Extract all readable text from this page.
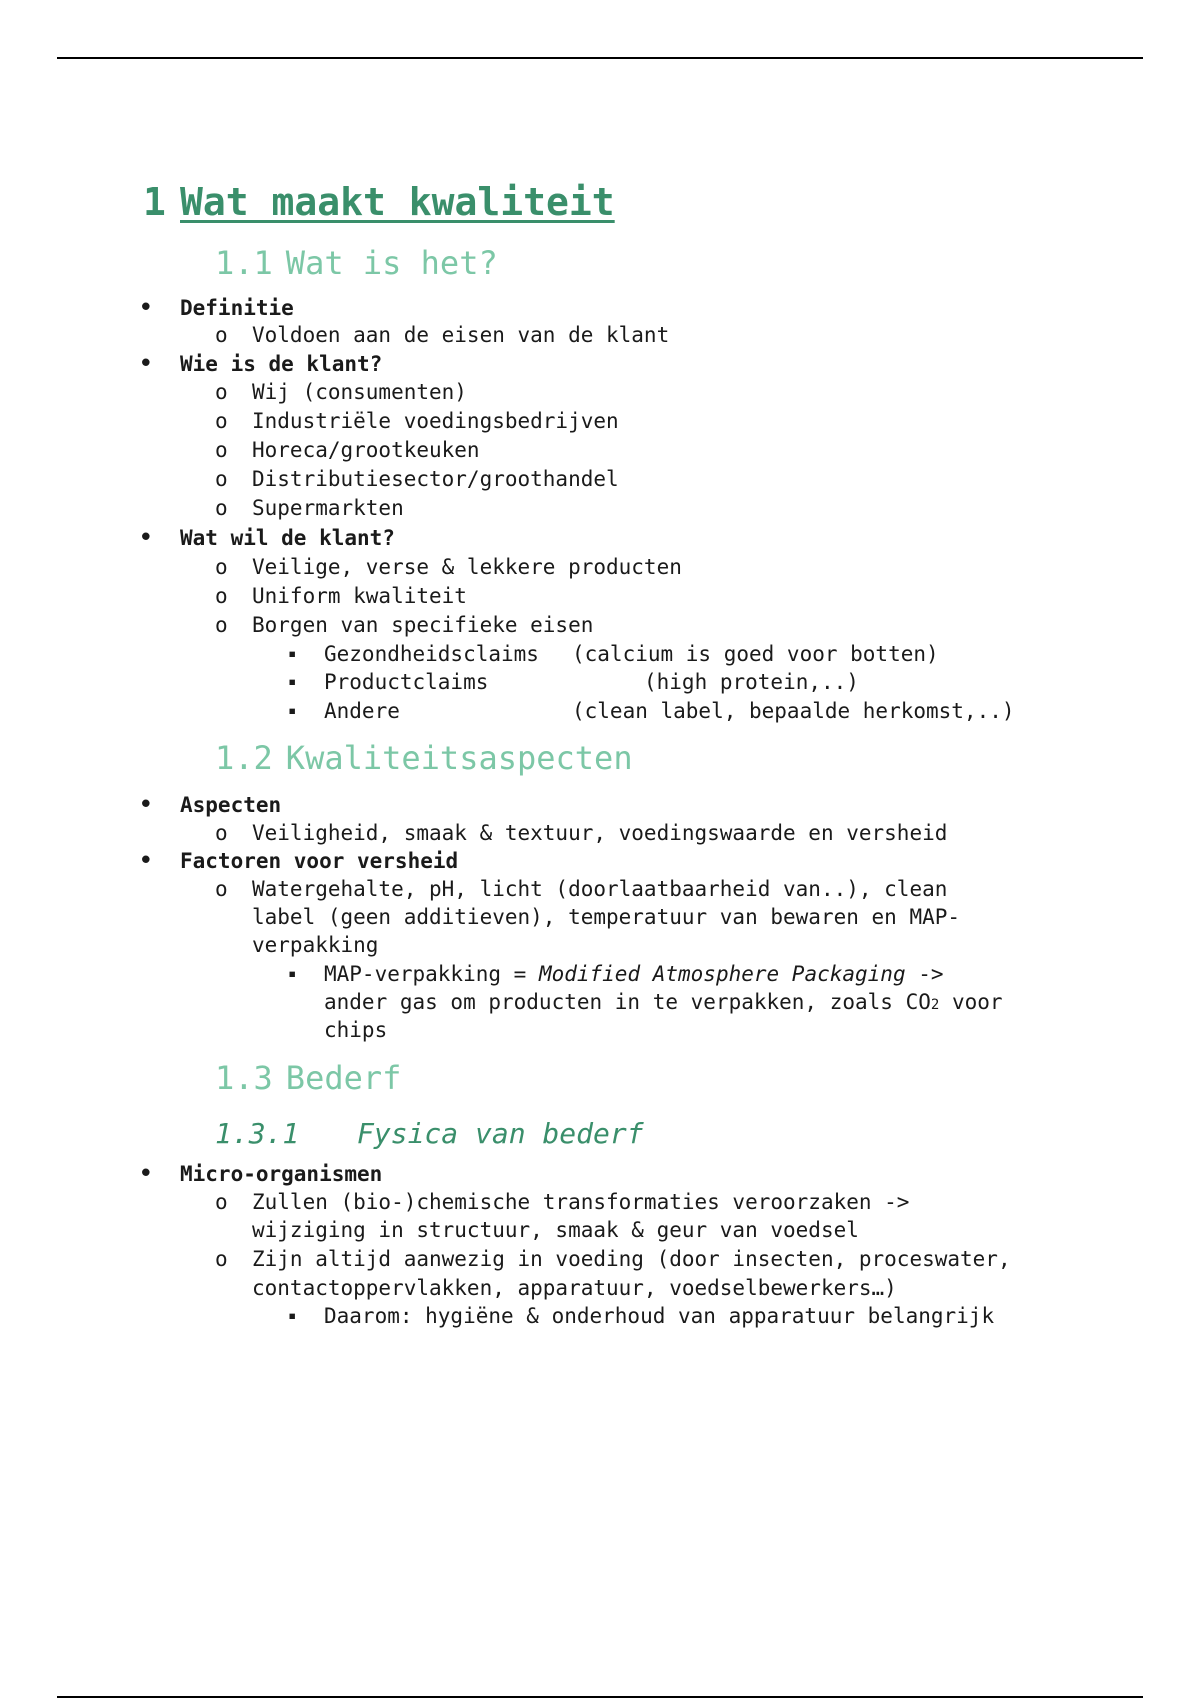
1 Wat maakt kwaliteit
1.1 Wat is het?
• Definitie
o Voldoen aan de eisen van de klant
• Wie is de klant?
o Wij (consumenten)
o Industriële voedingsbedrijven
o Horeca/grootkeuken
o Distributiesector/groothandel
o Supermarkten
• Wat wil de klant?
o Veilige, verse & lekkere producten
o Uniform kwaliteit
o Borgen van specifieke eisen
▪ Gezondheidsclaims (calcium is goed voor botten)
▪ Productclaims	(high protein,..)
▪ Andere	(clean label, bepaalde herkomst,..)
1.2 Kwaliteitsaspecten
• Aspecten
o Veiligheid, smaak & textuur, voedingswaarde en versheid
• Factoren voor versheid
o Watergehalte, pH, licht (doorlaatbaarheid van..), clean
label (geen additieven), temperatuur van bewaren en MAP-
verpakking
▪ MAP-verpakking = Modified Atmosphere Packaging ->
ander gas om producten in te verpakken, zoals CO2 voor
chips
1.3 Bederf
1.3.1 Fysica van bederf
• Micro-organismen
o Zullen (bio-)chemische transformaties veroorzaken ->
wijziging in structuur, smaak & geur van voedsel
o Zijn altijd aanwezig in voeding (door insecten, proceswater,
contactoppervlakken, apparatuur, voedselbewerkers…)
▪ Daarom: hygiëne & onderhoud van apparatuur belangrijk
